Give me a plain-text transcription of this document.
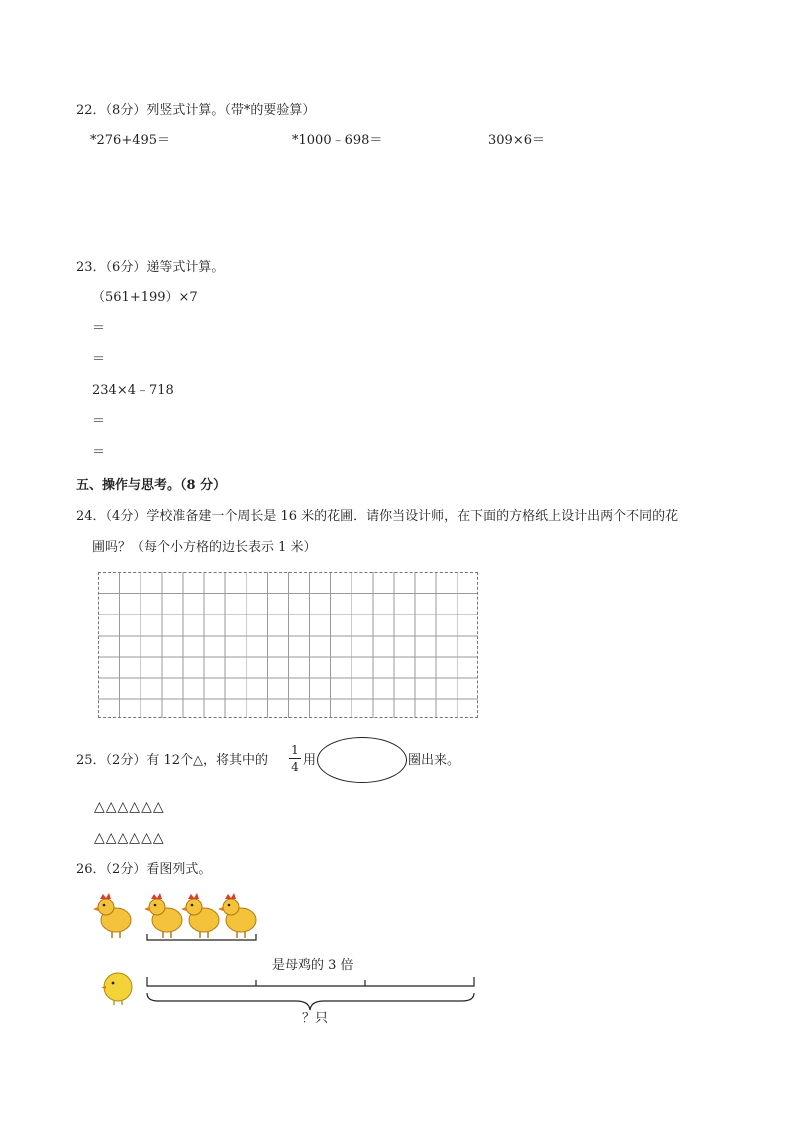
22．（8分）列竖式计算。（带*的要验算）
*276+495＝	*1000﹣698＝	309×6＝
23．（6分）递等式计算。
（561+199）×7
＝
＝
234×4﹣718
＝
＝
五、操作与思考。（8 分）
24．（4分）学校准备建一个周长是 16 米的花圃．请你当设计师，在下面的方格纸上设计出两个不同的花
圃吗？（每个小方格的边长表示 1 米）
25．（2分）有 12个△，将其中的
1
4 用	圈出来。
△△△△△△
△△△△△△
26．（2分）看图列式。
是母鸡的 3 倍
？只
